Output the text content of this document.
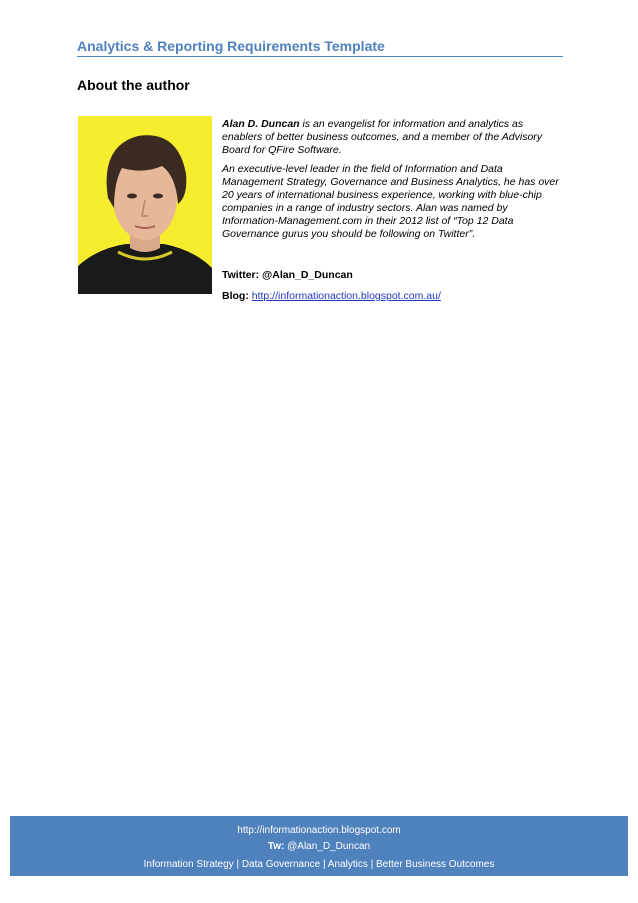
Analytics & Reporting Requirements Template
About the author

Alan D. Duncan is an evangelist for information and analytics as enablers of better business outcomes, and a member of the Advisory Board for QFire Software.

An executive-level leader in the field of Information and Data Management Strategy, Governance and Business Analytics, he has over 20 years of international business experience, working with blue-chip companies in a range of industry sectors. Alan was named by Information-Management.com in their 2012 list of “Top 12 Data Governance gurus you should be following on Twitter”.

Twitter: @Alan_D_Duncan
Blog: http://informationaction.blogspot.com.au/
http://informationaction.blogspot.com
Tw: @Alan_D_Duncan
Information Strategy | Data Governance | Analytics | Better Business Outcomes
